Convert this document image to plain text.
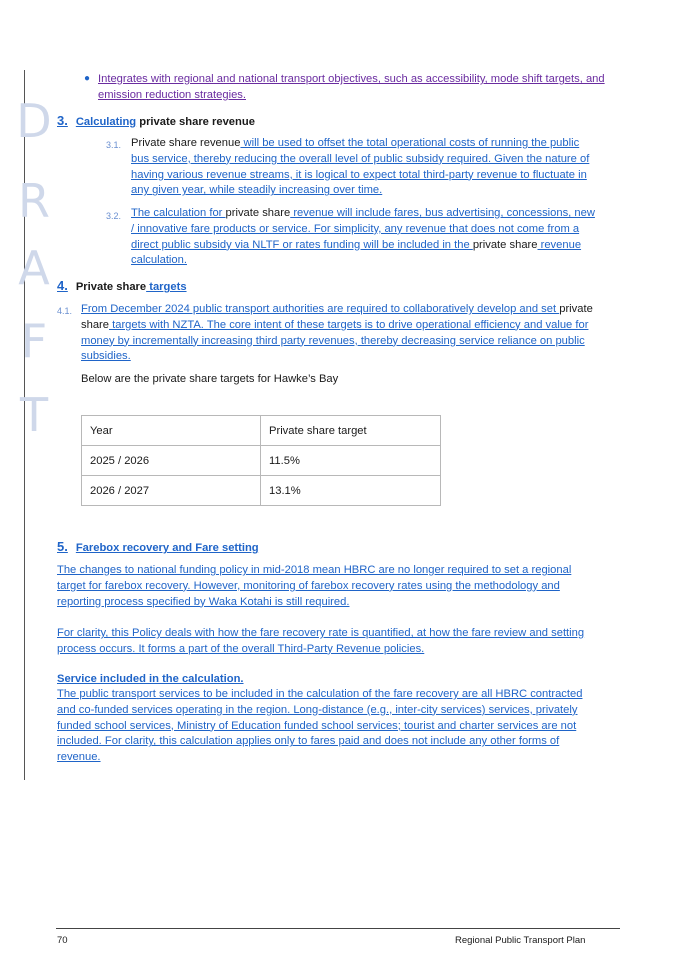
D
R
A
F
T
● Integrates with regional and national transport objectives, such as accessibility, mode shift targets, and emission reduction strategies.
3. Calculating private share revenue
3.1. Private share revenue will be used to offset the total operational costs of running the public
bus service, thereby reducing the overall level of public subsidy required. Given the nature of
having various revenue streams, it is logical to expect total third-party revenue to fluctuate in
any given year, while steadily increasing over time.
3.2. The calculation for private share revenue will include fares, bus advertising, concessions, new
/ innovative fare products or service. For simplicity, any revenue that does not come from a
direct public subsidy via NLTF or rates funding will be included in the private share revenue
calculation.
4. Private share targets
4.1. From December 2024 public transport authorities are required to collaboratively develop and set private
share targets with NZTA. The core intent of these targets is to drive operational efficiency and value for
money by incrementally increasing third party revenues, thereby decreasing service reliance on public
subsidies.
Below are the private share targets for Hawke’s Bay
Year	Private share target
2025 / 2026	11.5%
2026 / 2027	13.1%
5. Farebox recovery and Fare setting
The changes to national funding policy in mid-2018 mean HBRC are no longer required to set a regional
target for farebox recovery. However, monitoring of farebox recovery rates using the methodology and
reporting process specified by Waka Kotahi is still required.
For clarity, this Policy deals with how the fare recovery rate is quantified, at how the fare review and setting
process occurs. It forms a part of the overall Third-Party Revenue policies.
Service included in the calculation.
The public transport services to be included in the calculation of the fare recovery are all HBRC contracted
and co-funded services operating in the region. Long-distance (e.g., inter-city services) services, privately
funded school services, Ministry of Education funded school services; tourist and charter services are not
included. For clarity, this calculation applies only to fares paid and does not include any other forms of
revenue.
70	Regional Public Transport Plan
